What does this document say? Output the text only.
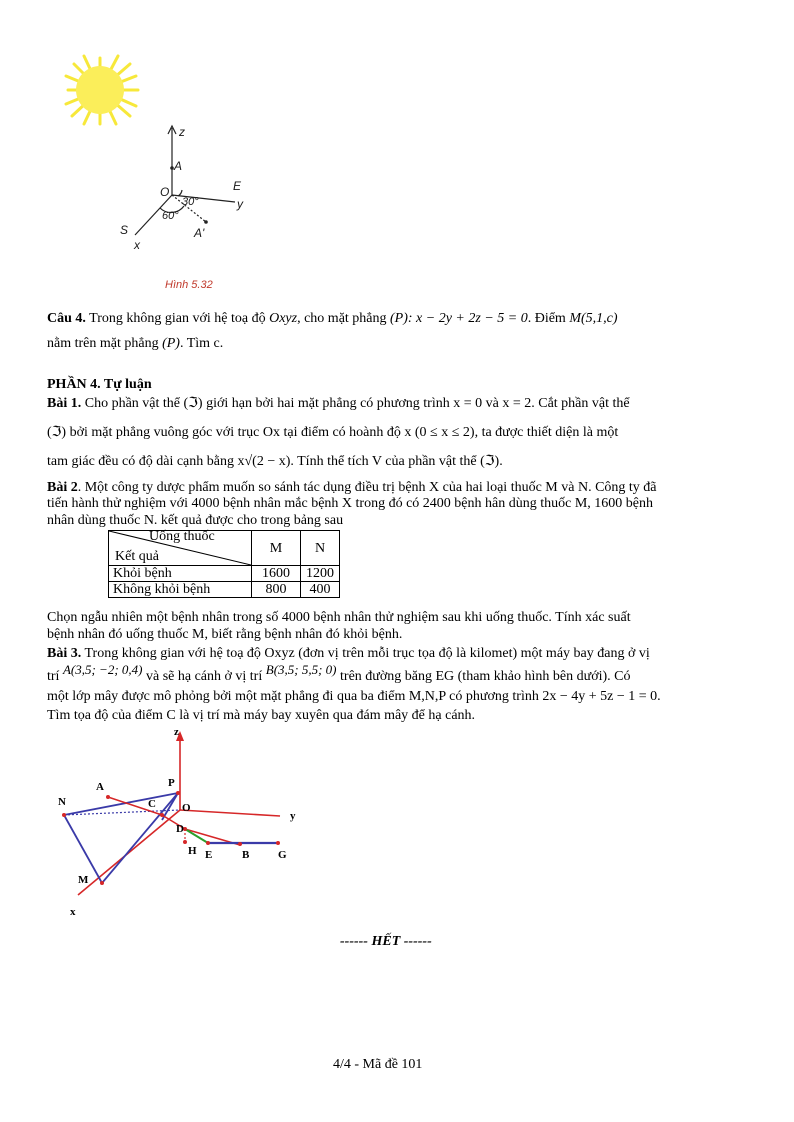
z
A
O	E
y
S
x
A'
30°
60°
Hình 5.32
Câu 4. Trong không gian với hệ toạ độ Oxyz, cho mặt phẳng (P): x − 2y + 2z − 5 = 0. Điểm M(5,1,c)
nằm trên mặt phẳng (P). Tìm c.
PHẦN 4. Tự luận
Bài 1. Cho phần vật thể (ℑ) giới hạn bởi hai mặt phẳng có phương trình x = 0 và x = 2. Cắt phần vật thể
(ℑ) bởi mặt phẳng vuông góc với trục Ox tại điểm có hoành độ x (0 ≤ x ≤ 2), ta được thiết diện là một
tam giác đều có độ dài cạnh bằng x√(2 − x). Tính thể tích V của phần vật thể (ℑ).
Bài 2. Một công ty dược phẩm muốn so sánh tác dụng điều trị bệnh X của hai loại thuốc M và N. Công ty đã
tiến hành thử nghiệm với 4000 bệnh nhân mắc bệnh X trong đó có 2400 bệnh hân dùng thuốc M, 1600 bệnh
nhân dùng thuốc N. kết quả được cho trong bảng sau
Uống thuốc
Kết quả	M	N
Khỏi bệnh	1600	1200
Không khỏi bệnh	800	400
Chọn ngẫu nhiên một bệnh nhân trong số 4000 bệnh nhân thử nghiệm sau khi uống thuốc. Tính xác suất
bệnh nhân đó uống thuốc M, biết rằng bệnh nhân đó khỏi bệnh.
Bài 3. Trong không gian với hệ toạ độ Oxyz (đơn vị trên mỗi trục tọa độ là kilomet) một máy bay đang ở vị
trí A(3,5; −2; 0,4) và sẽ hạ cánh ở vị trí B(3,5; 5,5; 0) trên đường băng EG (tham khảo hình bên dưới). Có
một lớp mây được mô phỏng bởi một mặt phẳng đi qua ba điểm M,N,P có phương trình 2x − 4y + 5z − 1 = 0.
Tìm tọa độ của điểm C là vị trí mà máy bay xuyên qua đám mây để hạ cánh.
z
y
x
N
A	P
C O
D
H E	B	G
M
------ HẾT ------
4/4 - Mã đề 101
